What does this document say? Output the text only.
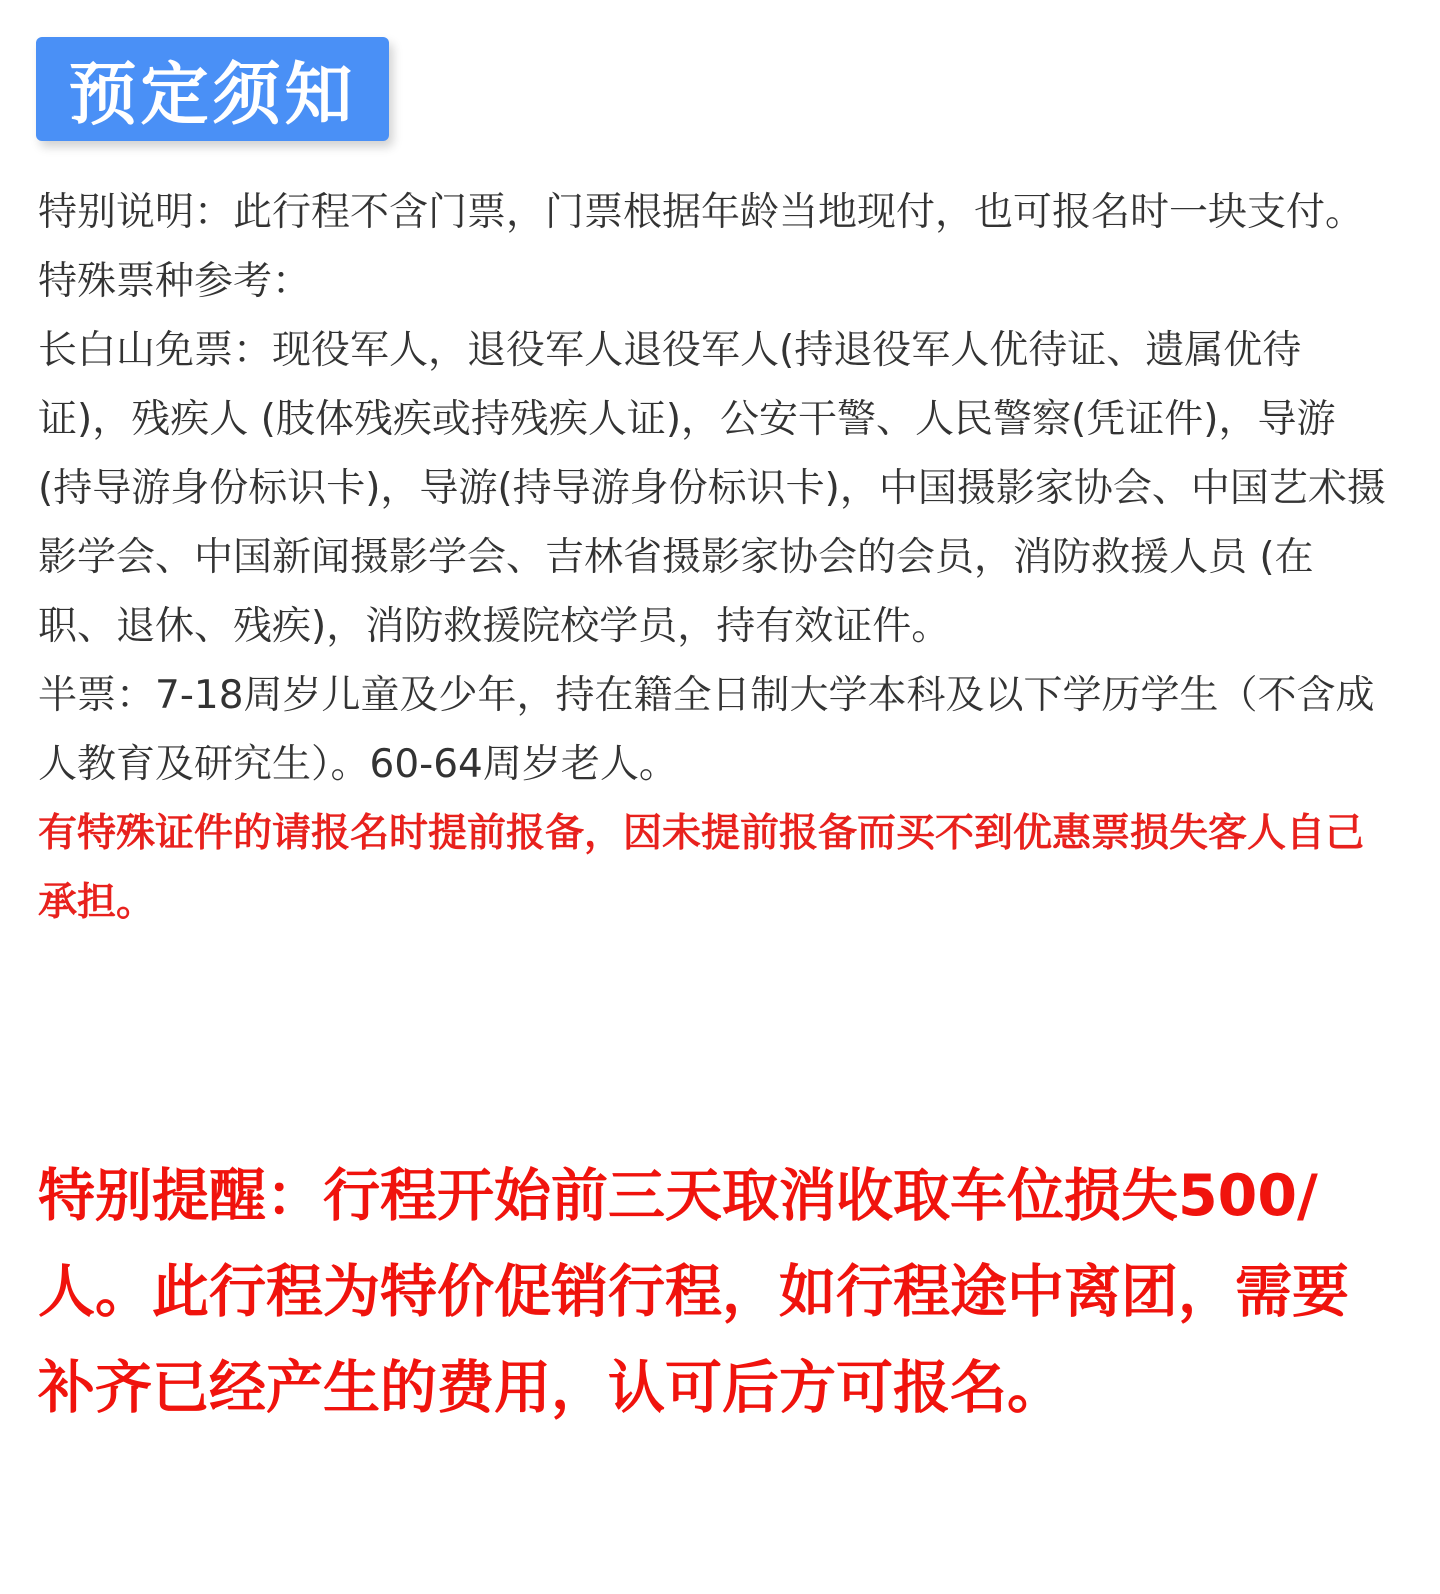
预定须知

特别说明：此行程不含门票，门票根据年龄当地现付，也可报名时一块支付。

特殊票种参考：

长白山免票：现役军人，退役军人退役军人(持退役军人优待证、遗属优待证)，残疾人 (肢体残疾或持残疾人证)，公安干警、人民警察(凭证件)，导游(持导游身份标识卡)，导游(持导游身份标识卡)，中国摄影家协会、中国艺术摄影学会、中国新闻摄影学会、吉林省摄影家协会的会员，消防救援人员 (在职、退休、残疾)，消防救援院校学员，持有效证件。

半票：7-18周岁儿童及少年，持在籍全日制大学本科及以下学历学生（不含成人教育及研究生）。60-64周岁老人。

有特殊证件的请报名时提前报备，因未提前报备而买不到优惠票损失客人自己承担。

特别提醒：行程开始前三天取消收取车位损失500/人。此行程为特价促销行程，如行程途中离团，需要补齐已经产生的费用，认可后方可报名。
